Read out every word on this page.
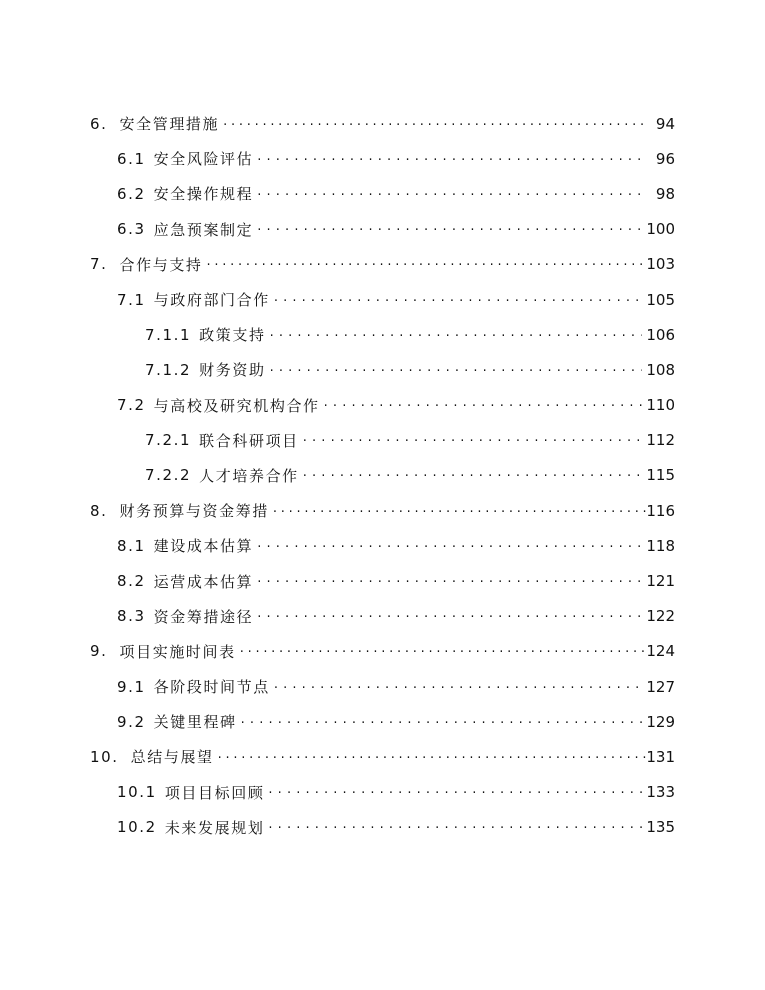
6. 安全管理措施 . . .	94
6.1 安全风险评估 . . .	96
6.2 安全操作规程 . . .	98
6.3 应急预案制定 . . .	100
7. 合作与支持 . . .	103
7.1 与政府部门合作 . . .	105
7.1.1 政策支持 . . .	106
7.1.2 财务资助 . . .	108
7.2 与高校及研究机构合作 . . .	110
7.2.1 联合科研项目 . . .	112
7.2.2 人才培养合作 . . .	115
8. 财务预算与资金筹措 . . .	116
8.1 建设成本估算 . . .	118
8.2 运营成本估算 . . .	121
8.3 资金筹措途径 . . .	122
9. 项目实施时间表 . . .	124
9.1 各阶段时间节点 . . .	127
9.2 关键里程碑 . . .	129
10. 总结与展望 . . .	131
10.1 项目目标回顾 . . .	133
10.2 未来发展规划 . . .	135
